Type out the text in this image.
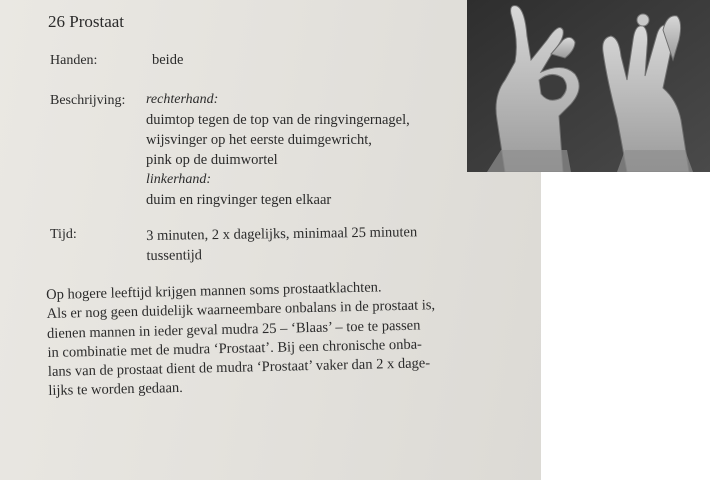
26 Prostaat
Handen:	beide
Beschrijving: rechterhand:
duimtop tegen de top van de ringvingernagel,
wijsvinger op het eerste duimgewricht,
pink op de duimwortel
linkerhand:
duim en ringvinger tegen elkaar
Tijd:	3 minuten, 2 x dagelijks, minimaal 25 minuten
tussentijd
Op hogere leeftijd krijgen mannen soms prostaatklachten.
Als er nog geen duidelijk waarneembare onbalans in de prostaat is,
dienen mannen in ieder geval mudra 25 – ‘Blaas’ – toe te passen
in combinatie met de mudra ‘Prostaat’. Bij een chronische onba-
lans van de prostaat dient de mudra ‘Prostaat’ vaker dan 2 x dage-
lijks te worden gedaan.
